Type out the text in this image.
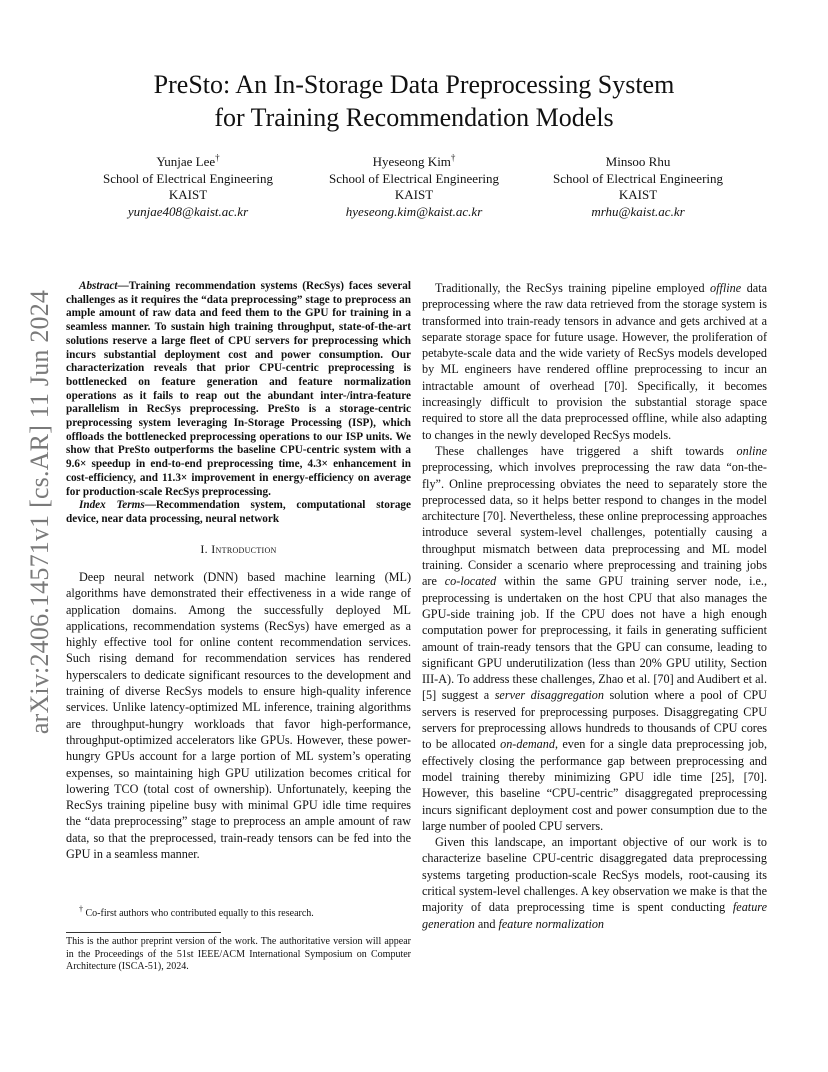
arXiv:2406.14571v1 [cs.AR] 11 Jun 2024
PreSto: An In-Storage Data Preprocessing System
for Training Recommendation Models
Yunjae Lee†
School of Electrical Engineering
KAIST
yunjae408@kaist.ac.kr
Hyeseong Kim†
School of Electrical Engineering
KAIST
hyeseong.kim@kaist.ac.kr
Minsoo Rhu
School of Electrical Engineering
KAIST
mrhu@kaist.ac.kr

Abstract—Training recommendation systems (RecSys) faces several challenges as it requires the “data preprocessing” stage to preprocess an ample amount of raw data and feed them to the GPU for training in a seamless manner. To sustain high training throughput, state-of-the-art solutions reserve a large fleet of CPU servers for preprocessing which incurs substantial deployment cost and power consumption. Our characterization reveals that prior CPU-centric preprocessing is bottlenecked on feature generation and feature normalization operations as it fails to reap out the abundant inter-/intra-feature parallelism in RecSys preprocessing. PreSto is a storage-centric preprocessing system leveraging In-Storage Processing (ISP), which offloads the bottlenecked preprocessing operations to our ISP units. We show that PreSto outperforms the baseline CPU-centric system with a 9.6× speedup in end-to-end preprocessing time, 4.3× enhancement in cost-efficiency, and 11.3× improvement in energy-efficiency on average for production-scale RecSys preprocessing.

Index Terms—Recommendation system, computational storage device, near data processing, neural network

I. Introduction

Deep neural network (DNN) based machine learning (ML) algorithms have demonstrated their effectiveness in a wide range of application domains. Among the successfully deployed ML applications, recommendation systems (RecSys) have emerged as a highly effective tool for online content recommendation services. Such rising demand for recommendation services has rendered hyperscalers to dedicate significant resources to the development and training of diverse RecSys models to ensure high-quality inference services. Unlike latency-optimized ML inference, training algorithms are throughput-hungry workloads that favor high-performance, throughput-optimized accelerators like GPUs. However, these power-hungry GPUs account for a large portion of ML system’s operating expenses, so maintaining high GPU utilization becomes critical for lowering TCO (total cost of ownership). Unfortunately, keeping the RecSys training pipeline busy with minimal GPU idle time requires the “data preprocessing” stage to preprocess an ample amount of raw data, so that the preprocessed, train-ready tensors can be fed into the GPU in a seamless manner.

† Co-first authors who contributed equally to this research.
This is the author preprint version of the work. The authoritative version will appear in the Proceedings of the 51st IEEE/ACM International Symposium on Computer Architecture (ISCA-51), 2024.

Traditionally, the RecSys training pipeline employed offline data preprocessing where the raw data retrieved from the storage system is transformed into train-ready tensors in advance and gets archived at a separate storage space for future usage. However, the proliferation of petabyte-scale data and the wide variety of RecSys models developed by ML engineers have rendered offline preprocessing to incur an intractable amount of overhead [70]. Specifically, it becomes increasingly difficult to provision the substantial storage space required to store all the data preprocessed offline, while also adapting to changes in the newly developed RecSys models.

These challenges have triggered a shift towards online preprocessing, which involves preprocessing the raw data “on-the-fly”. Online preprocessing obviates the need to separately store the preprocessed data, so it helps better respond to changes in the model architecture [70]. Nevertheless, these online preprocessing approaches introduce several system-level challenges, potentially causing a throughput mismatch between data preprocessing and ML model training. Consider a scenario where preprocessing and training jobs are co-located within the same GPU training server node, i.e., preprocessing is undertaken on the host CPU that also manages the GPU-side training job. If the CPU does not have a high enough computation power for preprocessing, it fails in generating sufficient amount of train-ready tensors that the GPU can consume, leading to significant GPU underutilization (less than 20% GPU utility, Section III-A). To address these challenges, Zhao et al. [70] and Audibert et al. [5] suggest a server disaggregation solution where a pool of CPU servers is reserved for preprocessing purposes. Disaggregating CPU servers for preprocessing allows hundreds to thousands of CPU cores to be allocated on-demand, even for a single data preprocessing job, effectively closing the performance gap between preprocessing and model training thereby minimizing GPU idle time [25], [70]. However, this baseline “CPU-centric” disaggregated preprocessing incurs significant deployment cost and power consumption due to the large number of pooled CPU servers.

Given this landscape, an important objective of our work is to characterize baseline CPU-centric disaggregated data preprocessing systems targeting production-scale RecSys models, root-causing its critical system-level challenges. A key observation we make is that the majority of data preprocessing time is spent conducting feature generation and feature normalization
